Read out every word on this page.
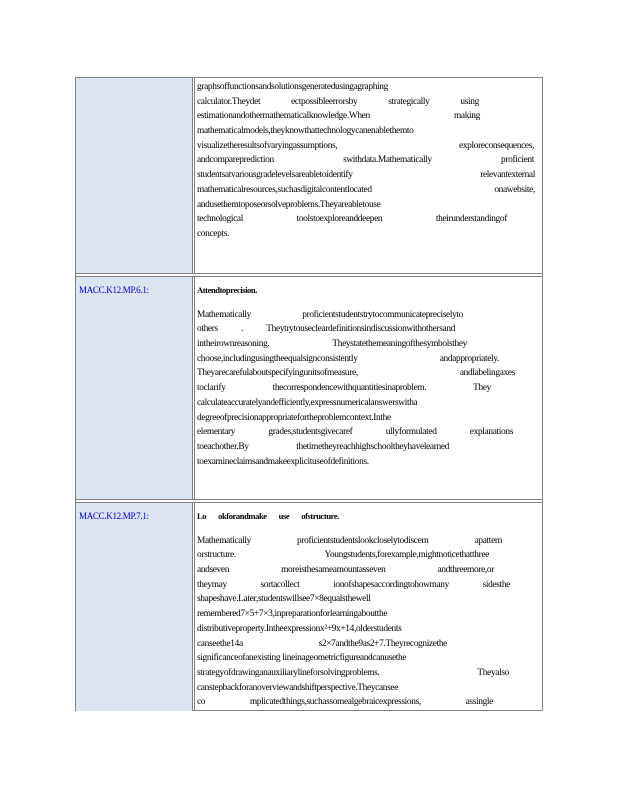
graphsoffunctionsandsolutionsgeneratedusingagraphing
calculator.Theydet ectpossibleerrorsby strategically using
estimationandothermathematicalknowledge.When making
mathematicalmodels,theyknowthattechnologycanenablethemto
visualizetheresultsofvaryingassumptions, exploreconsequences,
andcompareprediction swithdata.Mathematically proficient
studentsatvariousgradelevelsareabletoidentify relevantexternal
mathematicalresources,suchasdigitalcontentlocated onawebsite,
andusethemtoposeorsolveproblems.Theyareabletouse
technological toolstoexploreanddeepen theirunderstandingof
concepts.
MACC.K12.MP.6.1:	Attendtoprecision.
Mathematically proficientstudentstrytocommunicatepreciselyto
others . Theytrytousecleardefinitionsindiscussionwithothersand
intheirownreasoning. Theystatethemeaningofthesymbolsthey
choose,includingusingtheequalsignconsistently andappropriately.
Theyarecarefulaboutspecifyingunitsofmeasure, andlabelingaxes
toclarify thecorrespondencewithquantitiesinaproblem. They
calculateaccuratelyandefficiently,expressnumericalanswerswitha
degreeofprecisionappropriatefortheproblemcontext.Inthe
elementary grades,studentsgivecaref ullyformulated explanations
toeachother.By thetimetheyreachhighschooltheyhavelearned
toexamineclaimsandmakeexplicituseofdefinitions.
MACC.K12.MP.7.1:	Lo okforandmake use ofstructure.
Mathematically proficientstudentslookcloselytodiscern apattern
orstructure. Youngstudents,forexample,mightnoticethatthree
andseven moreisthesameamountasseven andthreemore,or
theymay sortacollect ionofshapesaccordingtohowmany sidesthe
shapeshave.Later,studentswillsee7×8equalsthewell
remembered7×5+7×3,inpreparationforlearningaboutthe
distributiveproperty.Intheexpressionx²+9x+14,olderstudents
canseethe14a s2×7andthe9as2+7.Theyrecognizethe
significanceofanexisting lineinageometricfigureandcanusethe
strategyofdrawinganauxiliarylineforsolvingproblems. Theyalso
canstepbackforanoverviewandshiftperspective.Theycansee
co mplicatedthings,suchassomealgebraicexpressions, assingle
